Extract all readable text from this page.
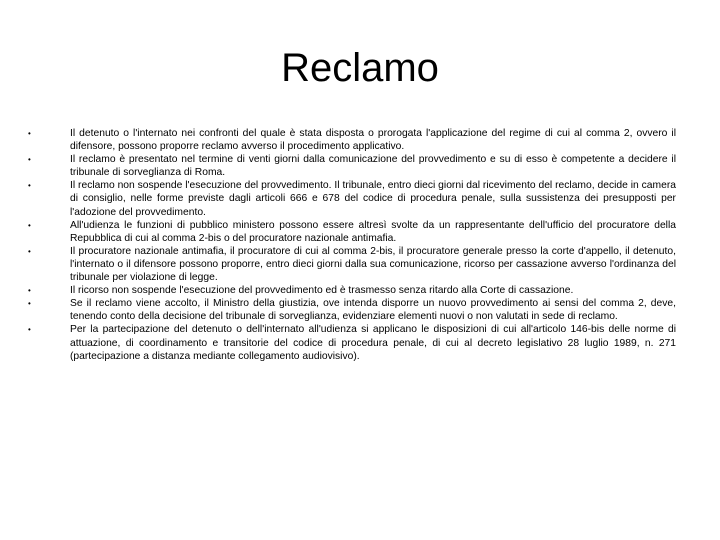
Reclamo
•	Il detenuto o l'internato nei confronti del quale è stata disposta o prorogata l'applicazione del regime di cui al comma 2, ovvero il difensore, possono proporre reclamo avverso il procedimento applicativo.
•	Il reclamo è presentato nel termine di venti giorni dalla comunicazione del provvedimento e su di esso è competente a decidere il tribunale di sorveglianza di Roma.
•	Il reclamo non sospende l'esecuzione del provvedimento. Il tribunale, entro dieci giorni dal ricevimento del reclamo, decide in camera di consiglio, nelle forme previste dagli articoli 666 e 678 del codice di procedura penale, sulla sussistenza dei presupposti per l'adozione del provvedimento.
•	All'udienza le funzioni di pubblico ministero possono essere altresì svolte da un rappresentante dell'ufficio del procuratore della Repubblica di cui al comma 2-bis o del procuratore nazionale antimafia.
•	Il procuratore nazionale antimafia, il procuratore di cui al comma 2-bis, il procuratore generale presso la corte d'appello, il detenuto, l'internato o il difensore possono proporre, entro dieci giorni dalla sua comunicazione, ricorso per cassazione avverso l'ordinanza del tribunale per violazione di legge.
•	Il ricorso non sospende l'esecuzione del provvedimento ed è trasmesso senza ritardo alla Corte di cassazione.
•	Se il reclamo viene accolto, il Ministro della giustizia, ove intenda disporre un nuovo provvedimento ai sensi del comma 2, deve, tenendo conto della decisione del tribunale di sorveglianza, evidenziare elementi nuovi o non valutati in sede di reclamo.
•	Per la partecipazione del detenuto o dell'internato all'udienza si applicano le disposizioni di cui all'articolo 146-bis delle norme di attuazione, di coordinamento e transitorie del codice di procedura penale, di cui al decreto legislativo 28 luglio 1989, n. 271 (partecipazione a distanza mediante collegamento audiovisivo).
